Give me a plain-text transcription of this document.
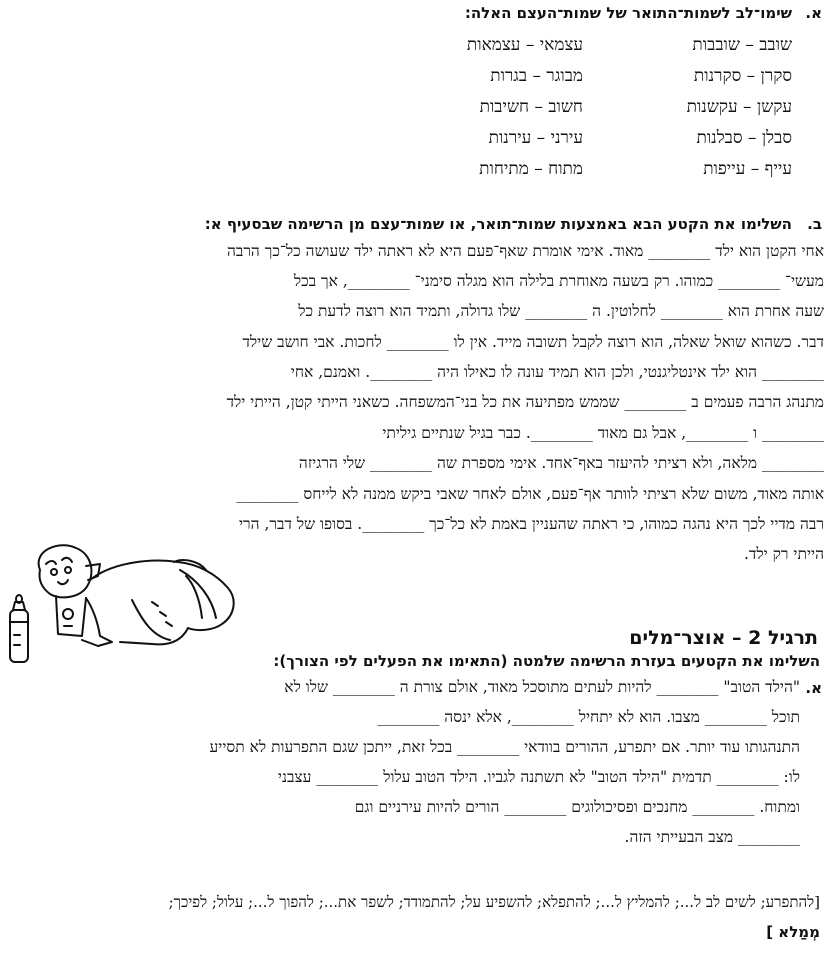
א.
שימו־לב לשמות־התואר של שמות־העצם האלה:
שובב – שובבות
סקרן – סקרנות
עקשן – עקשנות
סבלן – סבלנות
עייף – עייפות
עצמאי – עצמאות
מבוגר – בגרות
חשוב – חשיבות
עירני – עירנות
מתוח – מתיחות
ב.
השלימו את הקטע הבא באמצעות שמות־תואר, או שמות־עצם מן הרשימה שבסעיף א:
אחי הקטן הוא ילד ________ מאוד. אימי אומרת שאף־פעם היא לא ראתה ילד שעושה כל־כך הרבה
מעשי־ ________ כמוהו. רק בשעה מאוחרת בלילה הוא מגלה סימני־ ________, אך בכל
שעה אחרת הוא ________ לחלוטין. ה ________ שלו גדולה, ותמיד הוא רוצה לדעת כל
דבר. כשהוא שואל שאלה, הוא רוצה לקבל תשובה מייד. אין לו ________ לחכות. אבי חושב שילד
________ הוא ילד אינטליגנטי, ולכן הוא תמיד עונה לו כאילו היה ________. ואמנם, אחי
מתנהג הרבה פעמים ב ________ שממש מפתיעה את כל בני־המשפחה. כשאני הייתי קטן, הייתי ילד
________ ו ________, אבל גם מאוד ________. כבר בגיל שנתיים גיליתי
________ מלאה, ולא רציתי להיעזר באף־אחד. אימי מספרת שה ________ שלי הרגיזה
אותה מאוד, משום שלא רציתי לוותר אף־פעם, אולם לאחר שאבי ביקש ממנה לא לייחס ________
רבה מדיי לכך היא נהגה כמוהו, כי ראתה שהעניין באמת לא כל־כך ________. בסופו של דבר, הרי
הייתי רק ילד.
תרגיל 2 – אוצר־מלים
השלימו את הקטעים בעזרת הרשימה שלמטה (התאימו את הפעלים לפי הצורך):
א.
"הילד הטוב" ________ להיות לעתים מתוסכל מאוד, אולם צורת ה ________ שלו לא
תוכל ________ מצבו. הוא לא יתחיל ________, אלא ינסה ________
התנהגותו עוד יותר. אם יתפרע, ההורים בוודאי ________ בכל זאת, ייתכן שגם התפרעות לא תסייע
לו: ________ תדמית "הילד הטוב" לא תשתנה לגביו. הילד הטוב עלול ________ עצבני
ומתוח. ________ מחנכים ופסיכולוגים ________ הורים להיות עירניים וגם
________ מצב הבעייתי הזה.
[להתפרע; לשים לב ל...; להמליץ ל...; להתפלא; להשפיע על; להתמודד; לשפר את...; להפוך ל...; עלול; לפיכך;
מְמַלא ]
